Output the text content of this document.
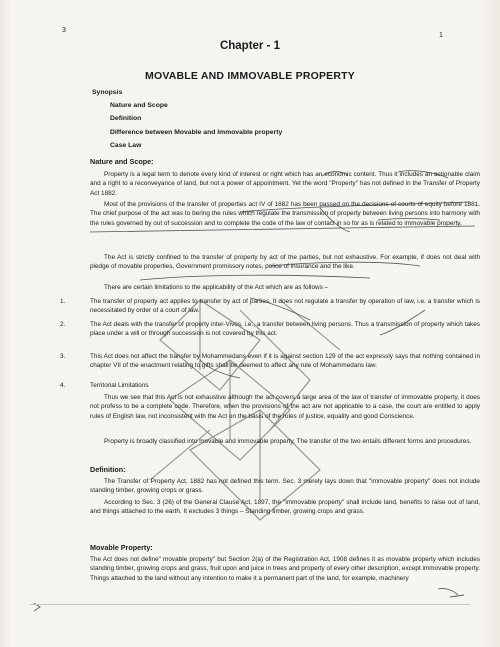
3
1
Chapter - 1
MOVABLE AND IMMOVABLE PROPERTY
Synopsis
Nature and Scope
Definition
Difference between Movable and Immovable property
Case Law
Nature and Scope:
Property is a legal term to denote every kind of interest or right which has an economic content. Thus it includes an actionable claim and a right to a reconveyance of land, but not a power of appointment. Yet the word "Property" has not defined in the Transfer of Property Act 1882.
Most of the provisions of the transfer of properties act IV of 1882 has been passed on the decisions of courts of equity before 1881. The chief purpose of the act was to bering the rules which regulate the transmission of property between living persons into harmony with the rules governed by out of succession and to complete the code of the law of contact in so for as is related to immovable property.
The Act is strictly confined to the transfer of property by act of the parties, but not exhaustive. For example, if does not deal with pledge of movable properties, Government promissory notes, police of insurance and the like.
There are certain limitations to the applicability of the Act which are as follows –
1.	The transfer of property act applies to transfer by act of parties. It does not regulate a transfer by operation of law, i.e. a transfer which is necessitated by order of a court of law.
2.	The Act deals with the transfer of property inter-Vivos, i.e., a transfer between living persons. Thus a transmission of property which takes place under a will or through succession is not covered by this act.
3.	This Act does not affect the transfer by Mohammedans even if it is against section 129 of the act expressly says that nothing contained in chapter VII of the enactment relating to gifts shall be deemed to affect any rule of Mohammedans law.
4.	Territorial Limitations
Thus we see that this Act is not exhaustive although the act covers a large area of the law of transfer of immovable property, it does not profess to be a complete code. Therefore, when the provisions of the act are not applicable to a case, the court are entitled to apply rules of English law, not inconsistent with the Act on the basis of the rules of justice, equality and good Conscience.
Property is broadly classified into movable and immovable property. The transfer of the two entails different forms and procedures.
Definition:
The Transfer of Property Act, 1882 has not defined this term. Sec. 3 merely lays down that "immovable property" does not include standing timber, growing crops or grass.
According to Sec. 3 (26) of the General Clause Act, 1897, the "immovable property" shall include land, benefits to raise out of land, and things attached to the earth. It excludes 3 things – Standing timber, growing crops and grass.
Movable Property:
The Act does not define" movable property" but Section 2(a) of the Registration Act, 1908 defines it as movable property which includes standing timber, growing crops and grass, fruit upon and juice in trees and property of every other description, except immovable property. Things attached to the land without any intention to make it a permanent part of the land, for example, machinery
